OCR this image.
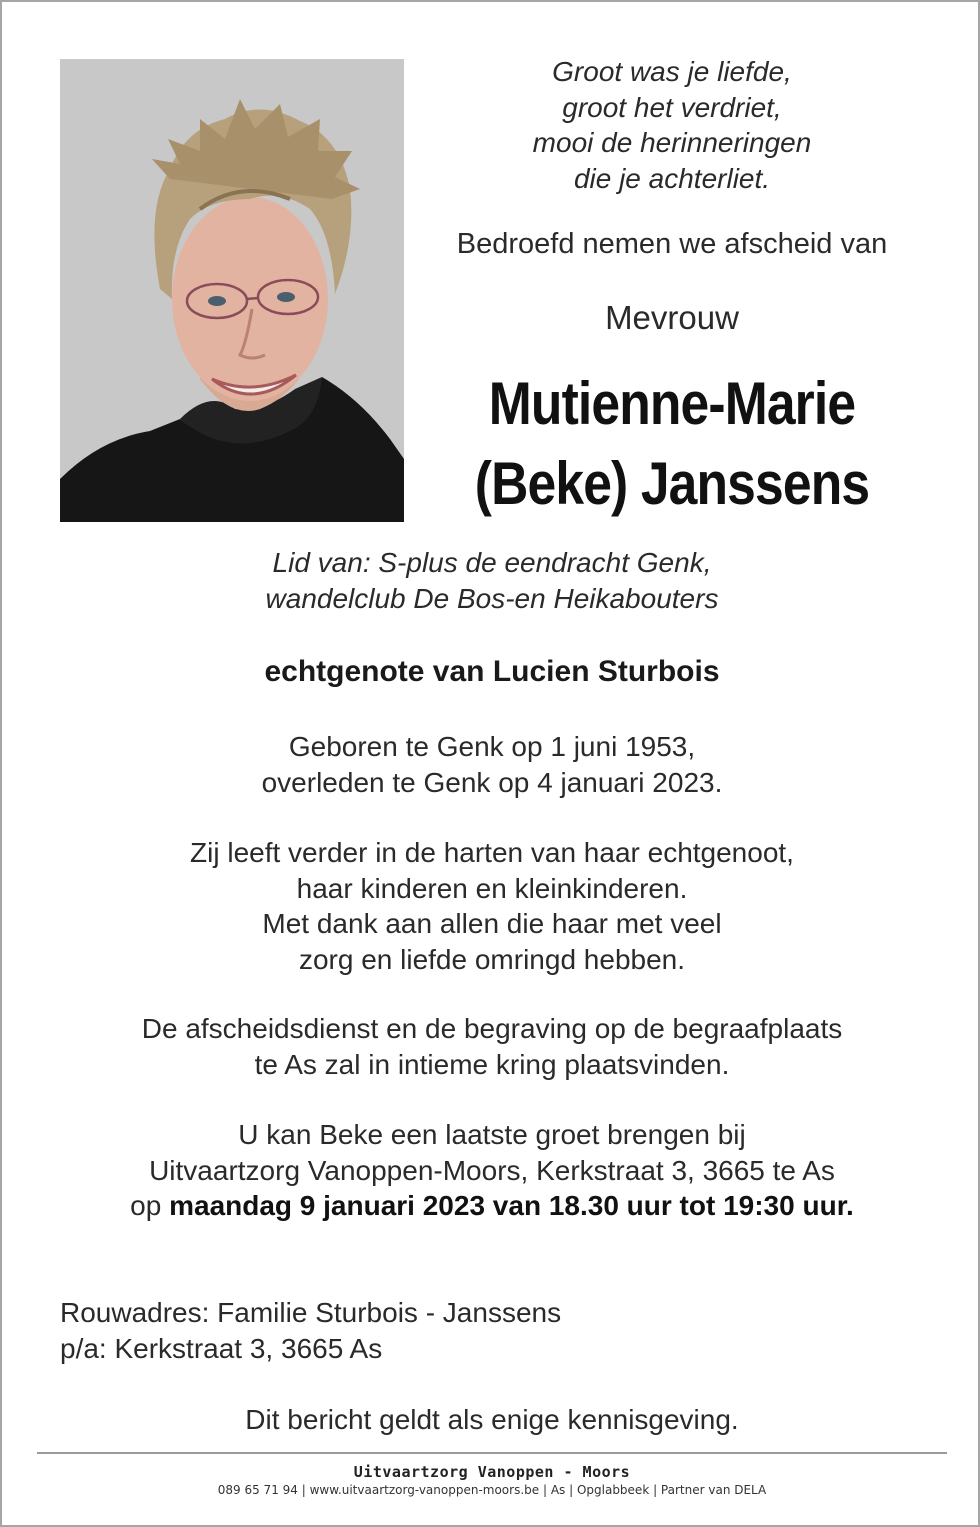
Groot was je liefde,
groot het verdriet,
mooi de herinneringen
die je achterliet.
Bedroefd nemen we afscheid van
Mevrouw
Mutienne-Marie
(Beke) Janssens
Lid van: S-plus de eendracht Genk,
wandelclub De Bos-en Heikabouters
echtgenote van Lucien Sturbois
Geboren te Genk op 1 juni 1953,
overleden te Genk op 4 januari 2023.
Zij leeft verder in de harten van haar echtgenoot,
haar kinderen en kleinkinderen.
Met dank aan allen die haar met veel
zorg en liefde omringd hebben.
De afscheidsdienst en de begraving op de begraafplaats
te As zal in intieme kring plaatsvinden.
U kan Beke een laatste groet brengen bij
Uitvaartzorg Vanoppen-Moors, Kerkstraat 3, 3665 te As
op maandag 9 januari 2023 van 18.30 uur tot 19:30 uur.
Rouwadres: Familie Sturbois - Janssens
p/a: Kerkstraat 3, 3665 As
Dit bericht geldt als enige kennisgeving.
Uitvaartzorg Vanoppen - Moors
089 65 71 94 | www.uitvaartzorg-vanoppen-moors.be | As | Opglabbeek | Partner van DELA
